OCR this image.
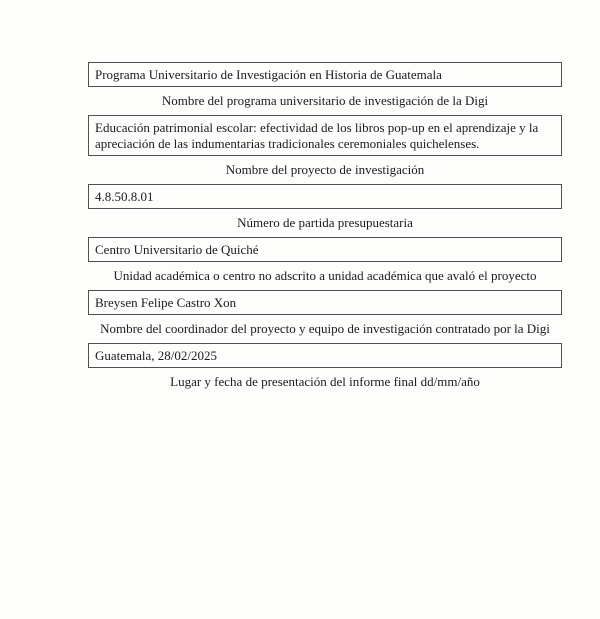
Programa Universitario de Investigación en Historia de Guatemala
Nombre del programa universitario de investigación de la Digi
Educación patrimonial escolar: efectividad de los libros pop-up en el aprendizaje y la apreciación de las indumentarias tradicionales ceremoniales quichelenses.
Nombre del proyecto de investigación
4.8.50.8.01
Número de partida presupuestaria
Centro Universitario de Quiché
Unidad académica o centro no adscrito a unidad académica que avaló el proyecto
Breysen Felipe Castro Xon
Nombre del coordinador del proyecto y equipo de investigación contratado por la Digi
Guatemala, 28/02/2025
Lugar y fecha de presentación del informe final dd/mm/año
